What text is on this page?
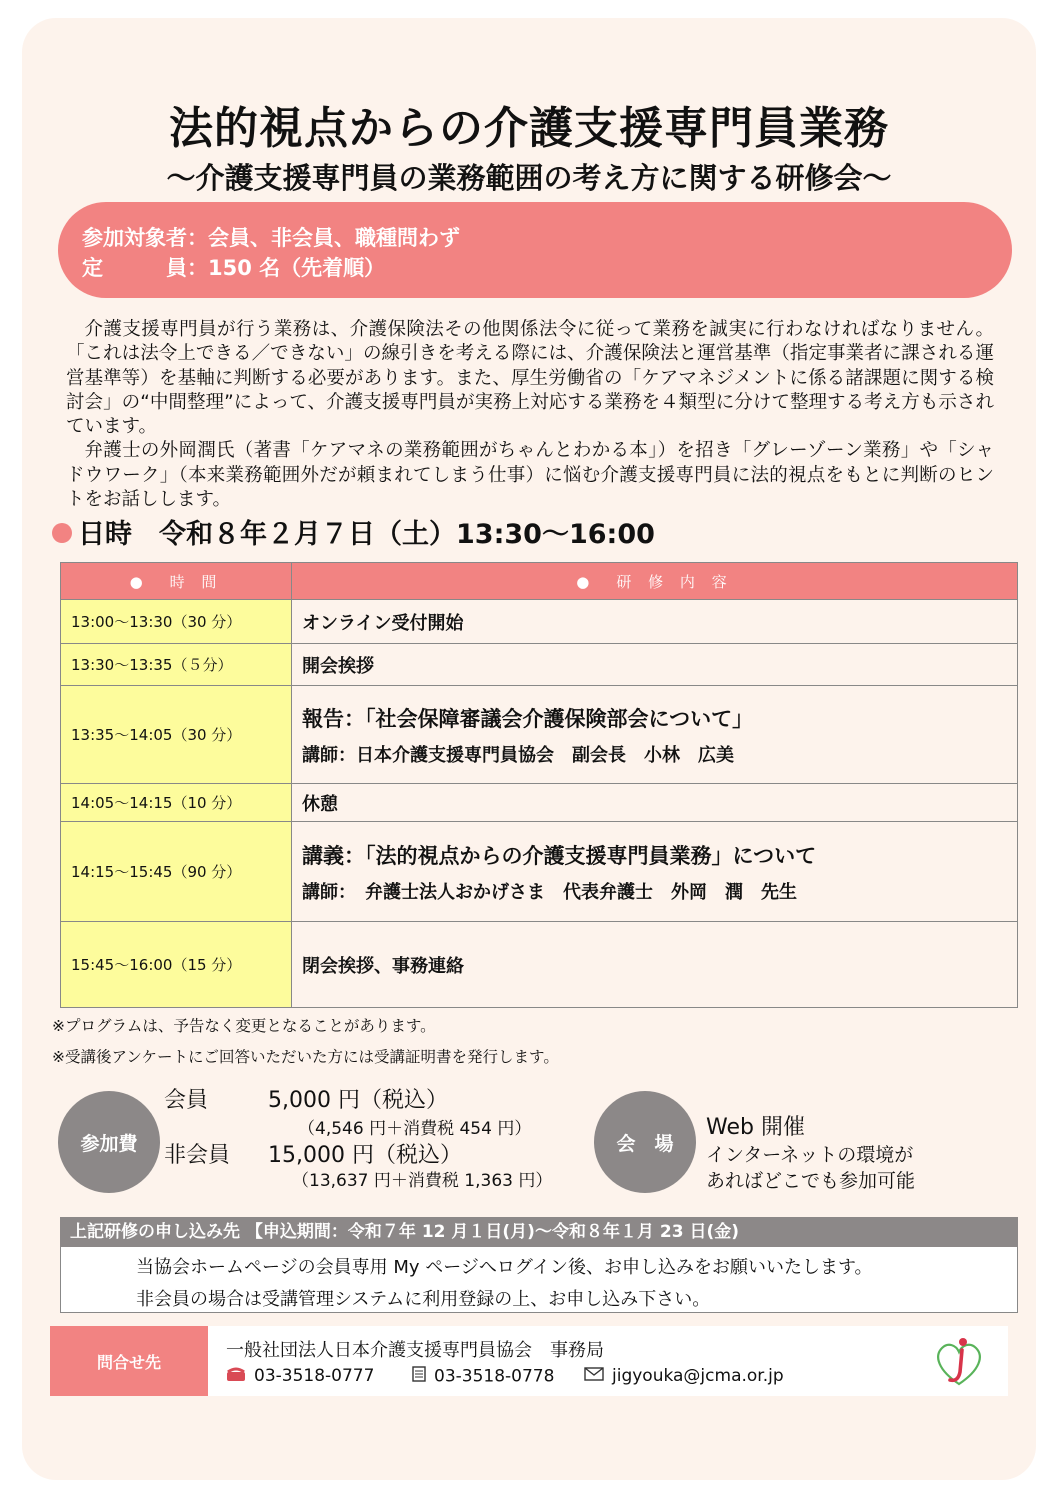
法的視点からの介護支援専門員業務
〜介護支援専門員の業務範囲の考え方に関する研修会〜
参加対象者：会員、非会員、職種問わず
定　　　員：150 名（先着順）

介護支援専門員が行う業務は、介護保険法その他関係法令に従って業務を誠実に行わなければなりません。「これは法令上できる／できない」の線引きを考える際には、介護保険法と運営基準（指定事業者に課される運営基準等）を基軸に判断する必要があります。また、厚生労働省の「ケアマネジメントに係る諸課題に関する検討会」の“中間整理”によって、介護支援専門員が実務上対応する業務を４類型に分けて整理する考え方も示されています。

弁護士の外岡潤氏（著書「ケアマネの業務範囲がちゃんとわかる本」）を招き「グレーゾーン業務」や「シャドウワーク」（本来業務範囲外だが頼まれてしまう仕事）に悩む介護支援専門員に法的視点をもとに判断のヒントをお話しします。

日時　令和８年２月７日（土）13:30〜16:00
●　時 間	●　研 修 内 容
13:00〜13:30（30 分）	オンライン受付開始
13:30〜13:35（５分）	開会挨拶
13:35〜14:05（30 分）	報告：「社会保障審議会介護保険部会について」
講師：日本介護支援専門員協会　副会長　小林　広美

14:05〜14:15（10 分）	休憩
14:15〜15:45（90 分）	講義：「法的視点からの介護支援専門員業務」について
講師：　弁護士法人おかげさま　代表弁護士　外岡　潤　先生

15:45〜16:00（15 分）	閉会挨拶、事務連絡
※プログラムは、予告なく変更となることがあります。
※受講後アンケートにご回答いただいた方には受講証明書を発行します。
参加費
会員	5,000 円（税込）
（4,546 円＋消費税 454 円）
非会員 15,000 円（税込）
（13,637 円＋消費税 1,363 円）
会　場
Web 開催
インターネットの環境が
あればどこでも参加可能
上記研修の申し込み先 【申込期間：令和７年 12 月１日(月)〜令和８年１月 23 日(金)
当協会ホームページの会員専用 My ページへログイン後、お申し込みをお願いいたします。
非会員の場合は受講管理システムに利用登録の上、お申し込み下さい。
問合せ先
一般社団法人日本介護支援専門員協会　事務局
03-3518-0777	03-3518-0778	jigyouka@jcma.or.jp
